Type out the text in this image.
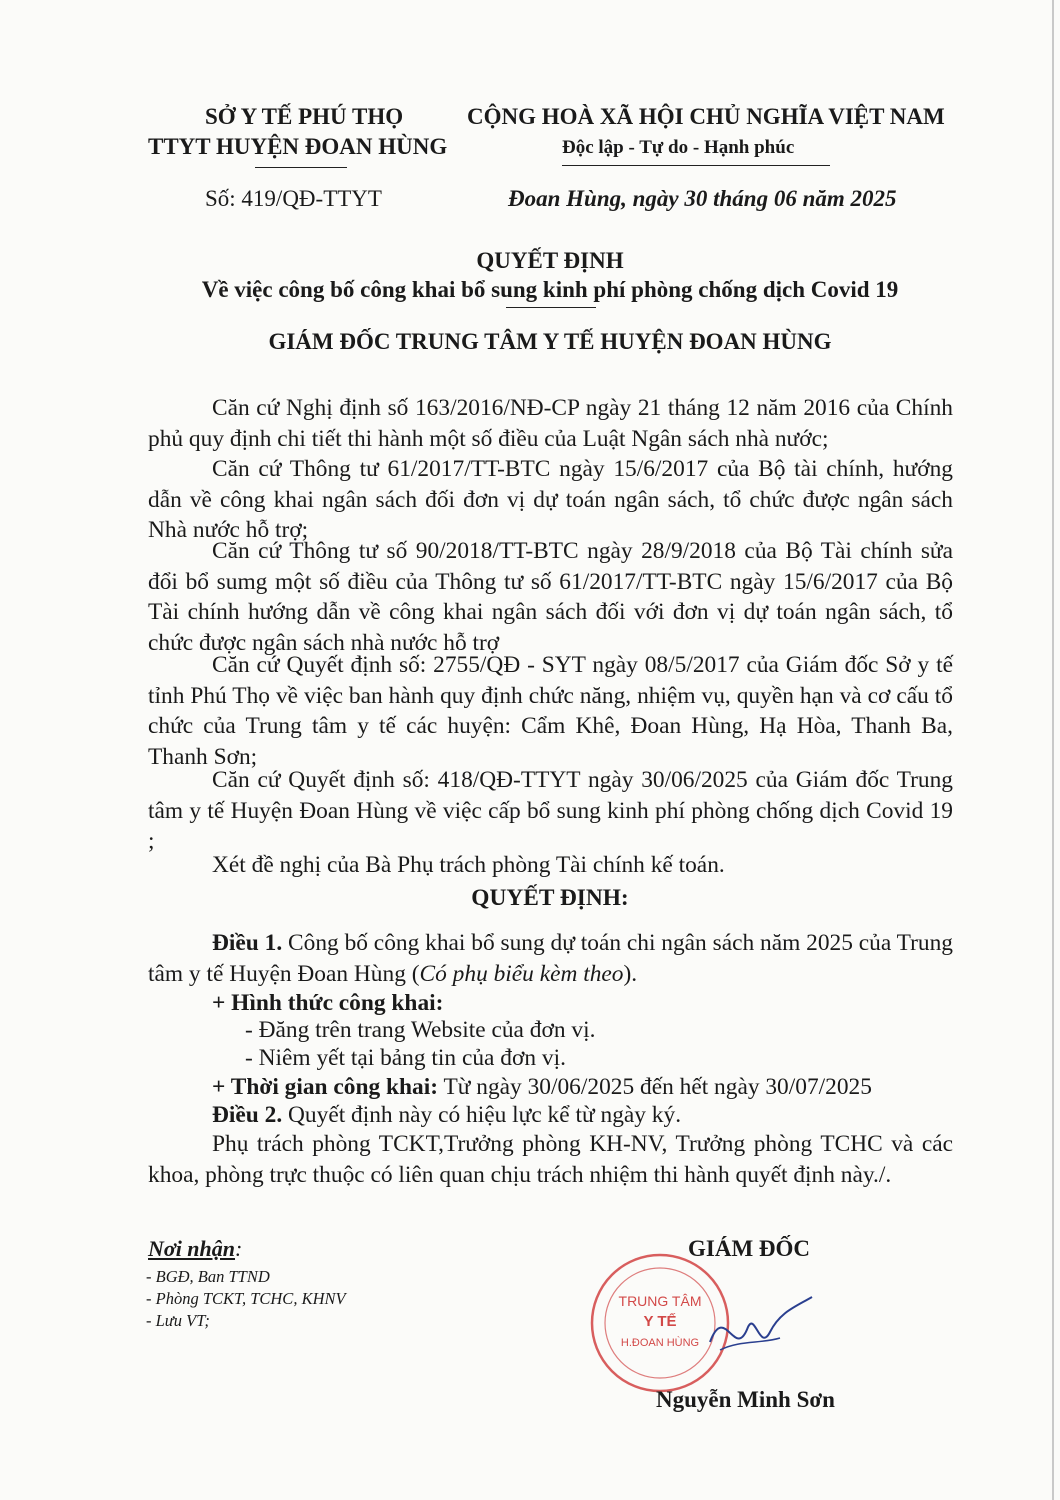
SỞ Y TẾ PHÚ THỌ
TTYT HUYỆN ĐOAN HÙNG
CỘNG HOÀ XÃ HỘI CHỦ NGHĨA VIỆT NAM
Độc lập - Tự do - Hạnh phúc
Số: 419/QĐ-TTYT	Đoan Hùng, ngày 30 tháng 06 năm 2025
QUYẾT ĐỊNH
Về việc công bố công khai bổ sung kinh phí phòng chống dịch Covid 19
GIÁM ĐỐC TRUNG TÂM Y TẾ HUYỆN ĐOAN HÙNG
Căn cứ Nghị định số 163/2016/NĐ-CP ngày 21 tháng 12 năm 2016 của Chính phủ quy định chi tiết thi hành một số điều của Luật Ngân sách nhà nước;
Căn cứ Thông tư 61/2017/TT-BTC ngày 15/6/2017 của Bộ tài chính, hướng dẫn về công khai ngân sách đối đơn vị dự toán ngân sách, tổ chức được ngân sách Nhà nước hỗ trợ;
Căn cứ Thông tư số 90/2018/TT-BTC ngày 28/9/2018 của Bộ Tài chính sửa đổi bổ sumg một số điều của Thông tư số 61/2017/TT-BTC ngày 15/6/2017 của Bộ Tài chính hướng dẫn về công khai ngân sách đối với đơn vị dự toán ngân sách, tổ chức được ngân sách nhà nước hỗ trợ
Căn cứ Quyết định số: 2755/QĐ - SYT ngày 08/5/2017 của Giám đốc Sở y tế tỉnh Phú Thọ về việc ban hành quy định chức năng, nhiệm vụ, quyền hạn và cơ cấu tổ chức của Trung tâm y tế các huyện: Cẩm Khê, Đoan Hùng, Hạ Hòa, Thanh Ba, Thanh Sơn;
Căn cứ Quyết định số: 418/QĐ-TTYT ngày 30/06/2025 của Giám đốc Trung tâm y tế Huyện Đoan Hùng về việc cấp bổ sung kinh phí phòng chống dịch Covid 19 ;
Xét đề nghị của Bà Phụ trách phòng Tài chính kế toán.
QUYẾT ĐỊNH:
Điều 1. Công bố công khai bổ sung dự toán chi ngân sách năm 2025 của Trung tâm y tế Huyện Đoan Hùng (Có phụ biểu kèm theo).
+ Hình thức công khai:
- Đăng trên trang Website của đơn vị.
- Niêm yết tại bảng tin của đơn vị.
+ Thời gian công khai: Từ ngày 30/06/2025 đến hết ngày 30/07/2025
Điều 2. Quyết định này có hiệu lực kể từ ngày ký.
Phụ trách phòng TCKT,Trưởng phòng KH-NV, Trưởng phòng TCHC và các khoa, phòng trực thuộc có liên quan chịu trách nhiệm thi hành quyết định này./.
Nơi nhận:
- BGĐ, Ban TTND
- Phòng TCKT, TCHC, KHNV
- Lưu VT;
GIÁM ĐỐC
TRUNG TÂM
Y TẾ
H.ĐOAN HÙNG
Nguyễn Minh Sơn
